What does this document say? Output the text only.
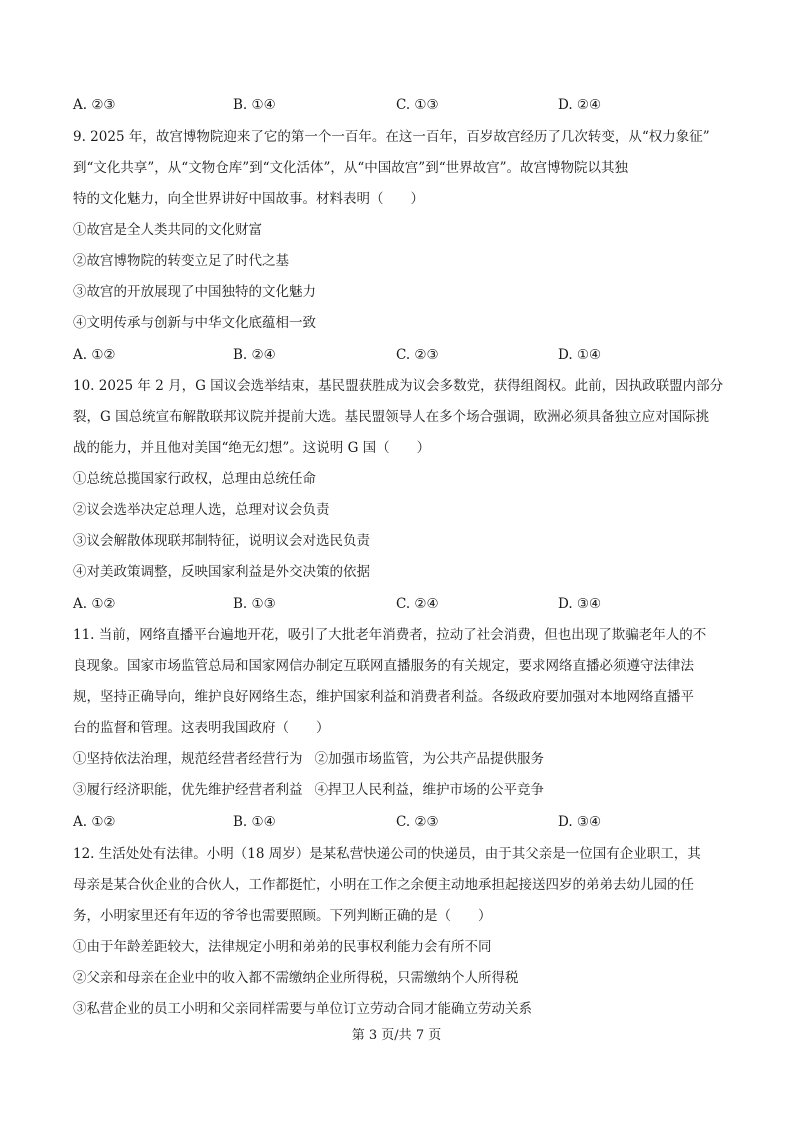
A. ②③	B. ①④	C. ①③	D. ②④
9. 2025 年，故宫博物院迎来了它的第一个一百年。在这一百年，百岁故宫经历了几次转变，从“权力象征”
到“文化共享”，从“文物仓库”到“文化活体”，从“中国故宫”到“世界故宫”。故宫博物院以其独
特的文化魅力，向全世界讲好中国故事。材料表明（　　）
①故宫是全人类共同的文化财富
②故宫博物院的转变立足了时代之基
③故宫的开放展现了中国独特的文化魅力
④文明传承与创新与中华文化底蕴相一致
A. ①②	B. ②④	C. ②③	D. ①④
10. 2025 年 2 月，G 国议会选举结束，基民盟获胜成为议会多数党，获得组阁权。此前，因执政联盟内部分
裂，G 国总统宣布解散联邦议院并提前大选。基民盟领导人在多个场合强调，欧洲必须具备独立应对国际挑
战的能力，并且他对美国“绝无幻想”。这说明 G 国（　　）
①总统总揽国家行政权，总理由总统任命
②议会选举决定总理人选，总理对议会负责
③议会解散体现联邦制特征，说明议会对选民负责
④对美政策调整，反映国家利益是外交决策的依据
A. ①②	B. ①③	C. ②④	D. ③④
11. 当前，网络直播平台遍地开花，吸引了大批老年消费者，拉动了社会消费，但也出现了欺骗老年人的不
良现象。国家市场监管总局和国家网信办制定互联网直播服务的有关规定，要求网络直播必须遵守法律法
规，坚持正确导向，维护良好网络生态，维护国家利益和消费者利益。各级政府要加强对本地网络直播平
台的监督和管理。这表明我国政府（　　）
①坚持依法治理，规范经营者经营行为 ②加强市场监管，为公共产品提供服务
③履行经济职能，优先维护经营者利益 ④捍卫人民利益，维护市场的公平竞争
A. ①②	B. ①④	C. ②③	D. ③④
12. 生活处处有法律。小明（18 周岁）是某私营快递公司的快递员，由于其父亲是一位国有企业职工，其
母亲是某合伙企业的合伙人，工作都挺忙，小明在工作之余便主动地承担起接送四岁的弟弟去幼儿园的任
务，小明家里还有年迈的爷爷也需要照顾。下列判断正确的是（　　）
①由于年龄差距较大，法律规定小明和弟弟的民事权利能力会有所不同
②父亲和母亲在企业中的收入都不需缴纳企业所得税，只需缴纳个人所得税
③私营企业的员工小明和父亲同样需要与单位订立劳动合同才能确立劳动关系
第 3 页/共 7 页
